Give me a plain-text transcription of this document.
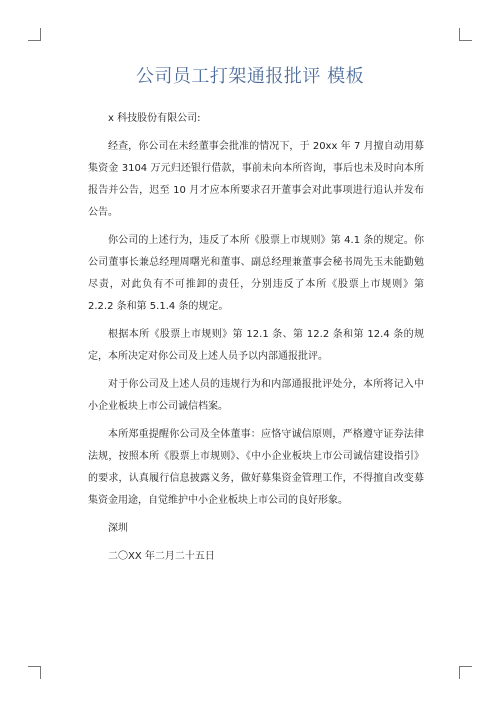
公司员工打架通报批评 模板

x 科技股份有限公司:

经查，你公司在未经董事会批准的情况下，于 20xx 年 7 月擅自动用募集资金 3104 万元归还银行借款，事前未向本所咨询，事后也未及时向本所报告并公告，迟至 10 月才应本所要求召开董事会对此事项进行追认并发布公告。

你公司的上述行为，违反了本所《股票上市规则》第 4.1 条的规定。你公司董事长兼总经理周曙光和董事、副总经理兼董事会秘书周先玉未能勤勉尽责，对此负有不可推卸的责任，分别违反了本所《股票上市规则》第 2.2.2 条和第 5.1.4 条的规定。

根据本所《股票上市规则》第 12.1 条、第 12.2 条和第 12.4 条的规定，本所决定对你公司及上述人员予以内部通报批评。

对于你公司及上述人员的违规行为和内部通报批评处分，本所将记入中小企业板块上市公司诚信档案。

本所郑重提醒你公司及全体董事：应恪守诚信原则，严格遵守证券法律法规，按照本所《股票上市规则》、《中小企业板块上市公司诚信建设指引》的要求，认真履行信息披露义务，做好募集资金管理工作，不得擅自改变募集资金用途，自觉维护中小企业板块上市公司的良好形象。

深圳

二〇XX 年二月二十五日
